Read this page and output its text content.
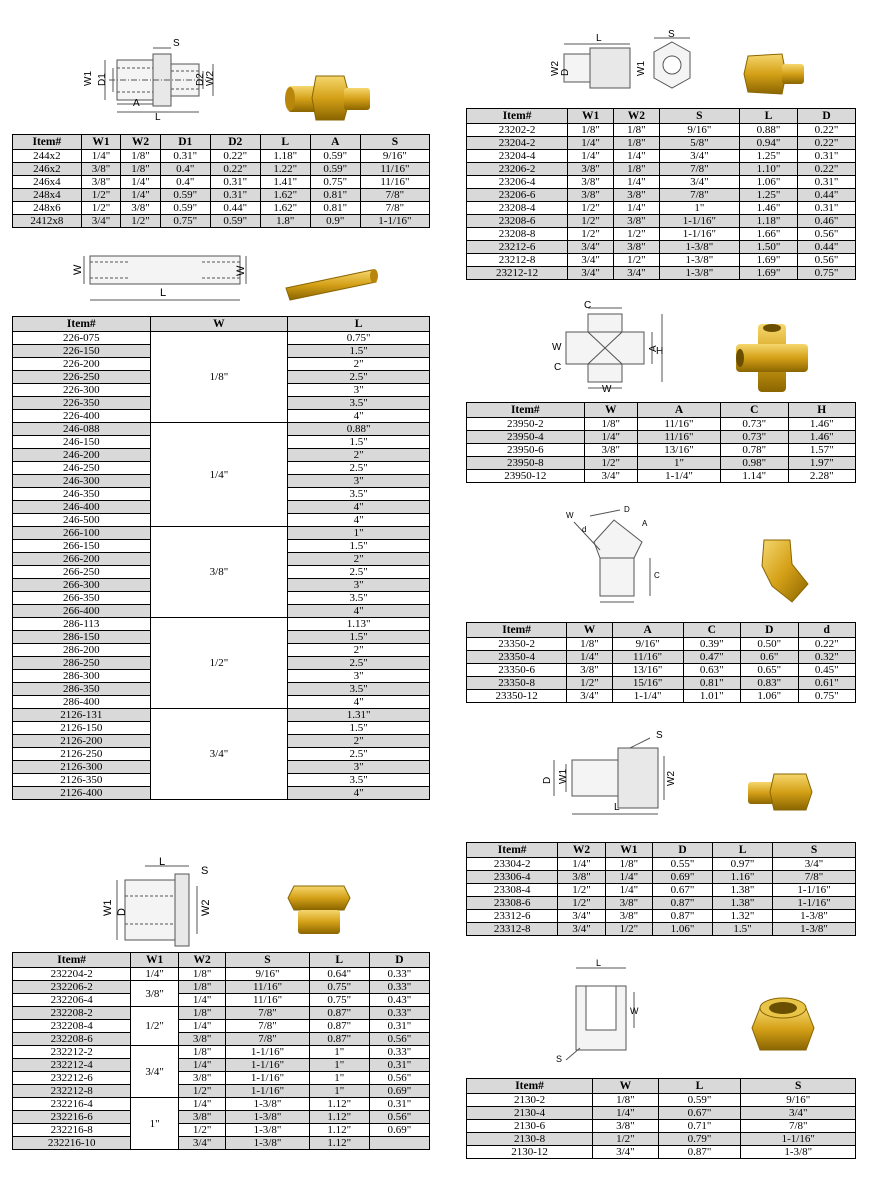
S
W1 D1	D2 W2
A
L
Item#	W1	W2	D1	D2	L	A	S
244x2	1/4"	1/8"	0.31"	0.22"	1.18"	0.59"	9/16"
246x2	3/8"	1/8"	0.4"	0.22"	1.22"	0.59"	11/16"
246x4	3/8"	1/4"	0.4"	0.31"	1.41"	0.75"	11/16"
248x4	1/2"	1/4"	0.59"	0.31"	1.62"	0.81"	7/8"
248x6	1/2"	3/8"	0.59"	0.44"	1.62"	0.81"	7/8"
2412x8	3/4"	1/2"	0.75"	0.59"	1.8"	0.9"	1-1/16"
W	W
L
Item#	W	L
226-075	1/8"	0.75"
226-150		1.5"
226-200		2"
226-250		2.5"
226-300		3"
226-350		3.5"
226-400		4"
246-088	1/4"	0.88"
246-150		1.5"
246-200		2"
246-250		2.5"
246-300		3"
246-350		3.5"
246-400		4"
246-500		4"
266-100	3/8"	1"
266-150		1.5"
266-200		2"
266-250		2.5"
266-300		3"
266-350		3.5"
266-400		4"
286-113	1/2"	1.13"
286-150		1.5"
286-200		2"
286-250		2.5"
286-300		3"
286-350		3.5"
286-400		4"
2126-131	3/4"	1.31"
2126-150		1.5"
2126-200		2"
2126-250		2.5"
2126-300		3"
2126-350		3.5"
2126-400		4"
L
S
W1 D	W2
Item#	W1	W2	S	L	D
232204-2	1/4"	1/8"	9/16"	0.64"	0.33"
232206-2	3/8"	1/8"	11/16"	0.75"	0.33"
232206-4		1/4"	11/16"	0.75"	0.43"
232208-2	1/2"	1/8"	7/8"	0.87"	0.33"
232208-4		1/4"	7/8"	0.87"	0.31"
232208-6		3/8"	7/8"	0.87"	0.56"
232212-2	3/4"	1/8"	1-1/16"	1"	0.33"
232212-4		1/4"	1-1/16"	1"	0.31"
232212-6		3/8"	1-1/16"	1"	0.56"
232212-8		1/2"	1-1/16"	1"	0.69"
232216-4	1"	1/4"	1-3/8"	1.12"	0.31"
232216-6		3/8"	1-3/8"	1.12"	0.56"
232216-8		1/2"	1-3/8"	1.12"	0.69"
232216-10		3/4"	1-3/8"	1.12"	
L	S
W2 D	W1
Item#	W1	W2	S	L	D
23202-2	1/8"	1/8"	9/16"	0.88"	0.22"
23204-2	1/4"	1/8"	5/8"	0.94"	0.22"
23204-4	1/4"	1/4"	3/4"	1.25"	0.31"
23206-2	3/8"	1/8"	7/8"	1.10"	0.22"
23206-4	3/8"	1/4"	3/4"	1.06"	0.31"
23206-6	3/8"	3/8"	7/8"	1.25"	0.44"
23208-4	1/2"	1/4"	1"	1.46"	0.31"
23208-6	1/2"	3/8"	1-1/16"	1.18"	0.46"
23208-8	1/2"	1/2"	1-1/16"	1.66"	0.56"
23212-6	3/4"	3/8"	1-3/8"	1.50"	0.44"
23212-8	3/4"	1/2"	1-3/8"	1.69"	0.56"
23212-12	3/4"	3/4"	1-3/8"	1.69"	0.75"
C
W	A
H
C
W
Item#	W	A	C	H
23950-2	1/8"	11/16"	0.73"	1.46"
23950-4	1/4"	11/16"	0.73"	1.46"
23950-6	3/8"	13/16"	0.78"	1.57"
23950-8	1/2"	1"	0.98"	1.97"
23950-12	3/4"	1-1/4"	1.14"	2.28"
W
d
D
A
C
Item#	W	A	C	D	d
23350-2	1/8"	9/16"	0.39"	0.50"	0.22"
23350-4	1/4"	11/16"	0.47"	0.6"	0.32"
23350-6	3/8"	13/16"	0.63"	0.65"	0.45"
23350-8	1/2"	15/16"	0.81"	0.83"	0.61"
23350-12	3/4"	1-1/4"	1.01"	1.06"	0.75"
S
D W1	W2
L
Item#	W2	W1	D	L	S
23304-2	1/4"	1/8"	0.55"	0.97"	3/4"
23306-4	3/8"	1/4"	0.69"	1.16"	7/8"
23308-4	1/2"	1/4"	0.67"	1.38"	1-1/16"
23308-6	1/2"	3/8"	0.87"	1.38"	1-1/16"
23312-6	3/4"	3/8"	0.87"	1.32"	1-3/8"
23312-8	3/4"	1/2"	1.06"	1.5"	1-3/8"
L
W
S
Item#	W	L	S
2130-2	1/8"	0.59"	9/16"
2130-4	1/4"	0.67"	3/4"
2130-6	3/8"	0.71"	7/8"
2130-8	1/2"	0.79"	1-1/16"
2130-12	3/4"	0.87"	1-3/8"
